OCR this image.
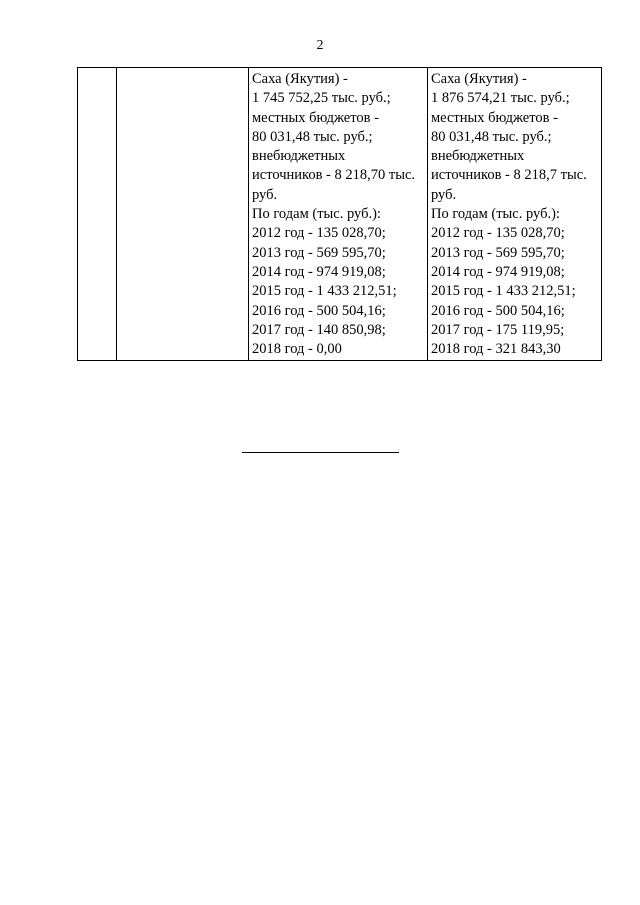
2

Саха (Якутия) -
1 745 752,25 тыс. руб.;
местных бюджетов -
80 031,48 тыс. руб.;
внебюджетных
источников - 8 218,70 тыс.
руб.
По годам (тыс. руб.):
2012 год - 135 028,70;
2013 год - 569 595,70;
2014 год - 974 919,08;
2015 год - 1 433 212,51;
2016 год - 500 504,16;
2017 год - 140 850,98;
2018 год - 0,00

Саха (Якутия) -
1 876 574,21 тыс. руб.;
местных бюджетов -
80 031,48 тыс. руб.;
внебюджетных
источников - 8 218,7 тыс.
руб.
По годам (тыс. руб.):
2012 год - 135 028,70;
2013 год - 569 595,70;
2014 год - 974 919,08;
2015 год - 1 433 212,51;
2016 год - 500 504,16;
2017 год - 175 119,95;
2018 год - 321 843,30
